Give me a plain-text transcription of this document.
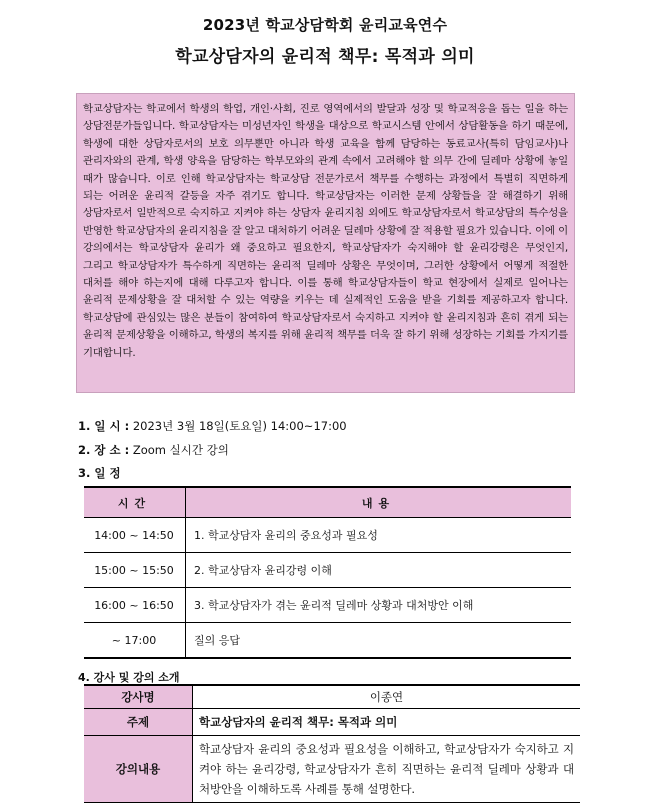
2023년 학교상담학회 윤리교육연수
학교상담자의 윤리적 책무: 목적과 의미

학교상담자는 학교에서 학생의 학업, 개인·사회, 진로 영역에서의 발달과 성장 및 학교적응을 돕는 일을 하는 상담전문가들입니다. 학교상담자는 미성년자인 학생을 대상으로 학교시스템 안에서 상담활동을 하기 때문에, 학생에 대한 상담자로서의 보호 의무뿐만 아니라 학생 교육을 함께 담당하는 동료교사(특히 담임교사)나 관리자와의 관계, 학생 양육을 담당하는 학부모와의 관계 속에서 고려해야 할 의무 간에 딜레마 상황에 놓일 때가 많습니다. 이로 인해 학교상담자는 학교상담 전문가로서 책무를 수행하는 과정에서 특별히 직면하게 되는 어려운 윤리적 갈등을 자주 겪기도 합니다. 학교상담자는 이러한 문제 상황들을 잘 해결하기 위해 상담자로서 일반적으로 숙지하고 지켜야 하는 상담자 윤리지침 외에도 학교상담자로서 학교상담의 특수성을 반영한 학교상담자의 윤리지침을 잘 알고 대처하기 어려운 딜레마 상황에 잘 적용할 필요가 있습니다. 이에 이 강의에서는 학교상담자 윤리가 왜 중요하고 필요한지, 학교상담자가 숙지해야 할 윤리강령은 무엇인지, 그리고 학교상담자가 특수하게 직면하는 윤리적 딜레마 상황은 무엇이며, 그러한 상황에서 어떻게 적절한 대처를 해야 하는지에 대해 다루고자 합니다. 이를 통해 학교상담자들이 학교 현장에서 실제로 일어나는 윤리적 문제상황을 잘 대처할 수 있는 역량을 키우는 데 실제적인 도움을 받을 기회를 제공하고자 합니다. 학교상담에 관심있는 많은 분들이 참여하여 학교상담자로서 숙지하고 지켜야 할 윤리지침과 흔히 겪게 되는 윤리적 문제상황을 이해하고, 학생의 복지를 위해 윤리적 책무를 더욱 잘 하기 위해 성장하는 기회를 가지기를 기대합니다.

1. 일 시 : 2023년 3월 18일(토요일) 14:00~17:00
2. 장 소 : Zoom 실시간 강의
3. 일 정
시간	내용
14:00 ~ 14:50	1. 학교상담자 윤리의 중요성과 필요성
15:00 ~ 15:50	2. 학교상담자 윤리강령 이해
16:00 ~ 16:50	3. 학교상담자가 겪는 윤리적 딜레마 상황과 대처방안 이해
~ 17:00	질의 응답
4. 강사 및 강의 소개
강사명	이종연
주제	학교상담자의 윤리적 책무: 목적과 의미
강의내용	학교상담자 윤리의 중요성과 필요성을 이해하고, 학교상담자가 숙지하고 지켜야 하는 윤리강령, 학교상담자가 흔히 직면하는 윤리적 딜레마 상황과 대처방안을 이해하도록 사례를 통해 설명한다.
